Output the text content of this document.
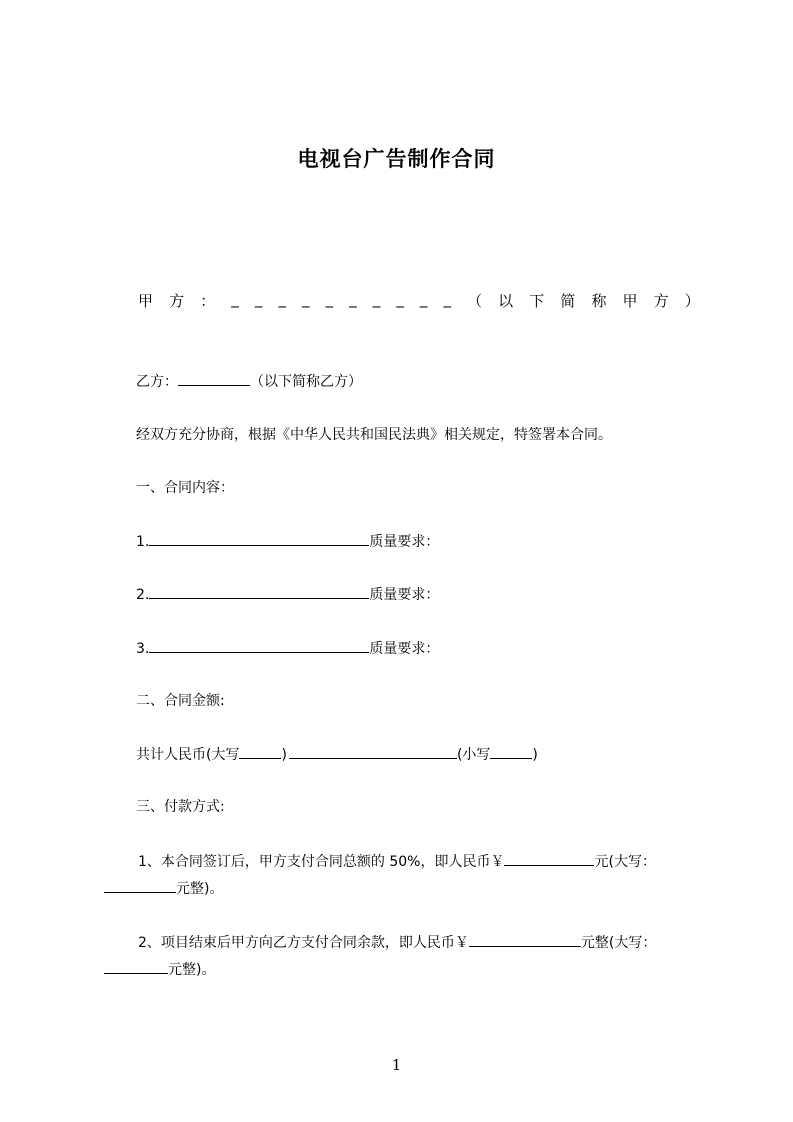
电视台广告制作合同
甲 方 ： _ _ _ _ _ _ _ _ _ _ （ 以 下 简 称 甲 方 ）
乙方：	（以下简称乙方）
经双方充分协商，根据《中华人民共和国民法典》相关规定，特签署本合同。
一、合同内容：
1.	质量要求：
2.	质量要求：
3.	质量要求：
二、合同金额:
共计人民币(大写	)	(小写	)
三、付款方式:
1、本合同签订后，甲方支付合同总额的 50%，即人民币￥	元(大写：
元整)。
2、项目结束后甲方向乙方支付合同余款，即人民币￥	元整(大写：
元整)。
1
